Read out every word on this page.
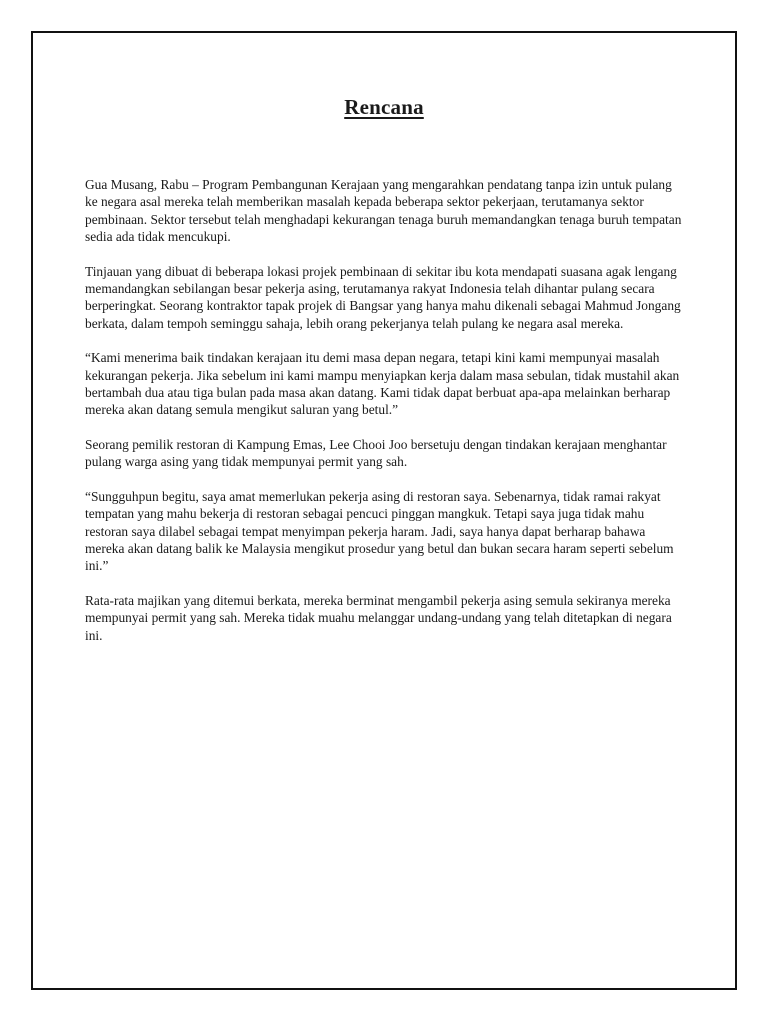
Rencana

Gua Musang, Rabu – Program Pembangunan Kerajaan yang mengarahkan pendatang tanpa izin untuk pulang ke negara asal mereka telah memberikan masalah kepada beberapa sektor pekerjaan, terutamanya sektor pembinaan. Sektor tersebut telah menghadapi kekurangan tenaga buruh memandangkan tenaga buruh tempatan sedia ada tidak mencukupi.

Tinjauan yang dibuat di beberapa lokasi projek pembinaan di sekitar ibu kota mendapati suasana agak lengang memandangkan sebilangan besar pekerja asing, terutamanya rakyat Indonesia telah dihantar pulang secara berperingkat. Seorang kontraktor tapak projek di Bangsar yang hanya mahu dikenali sebagai Mahmud Jongang berkata, dalam tempoh seminggu sahaja, lebih orang pekerjanya telah pulang ke negara asal mereka.

“Kami menerima baik tindakan kerajaan itu demi masa depan negara, tetapi kini kami mempunyai masalah kekurangan pekerja. Jika sebelum ini kami mampu menyiapkan kerja dalam masa sebulan, tidak mustahil akan bertambah dua atau tiga bulan pada masa akan datang. Kami tidak dapat berbuat apa-apa melainkan berharap mereka akan datang semula mengikut saluran yang betul.”

Seorang pemilik restoran di Kampung Emas, Lee Chooi Joo bersetuju dengan tindakan kerajaan menghantar pulang warga asing yang tidak mempunyai permit yang sah.

“Sungguhpun begitu, saya amat memerlukan pekerja asing di restoran saya. Sebenarnya, tidak ramai rakyat tempatan yang mahu bekerja di restoran sebagai pencuci pinggan mangkuk. Tetapi saya juga tidak mahu restoran saya dilabel sebagai tempat menyimpan pekerja haram. Jadi, saya hanya dapat berharap bahawa mereka akan datang balik ke Malaysia mengikut prosedur yang betul dan bukan secara haram seperti sebelum ini.”

Rata-rata majikan yang ditemui berkata, mereka berminat mengambil pekerja asing semula sekiranya mereka mempunyai permit yang sah. Mereka tidak muahu melanggar undang-undang yang telah ditetapkan di negara ini.
